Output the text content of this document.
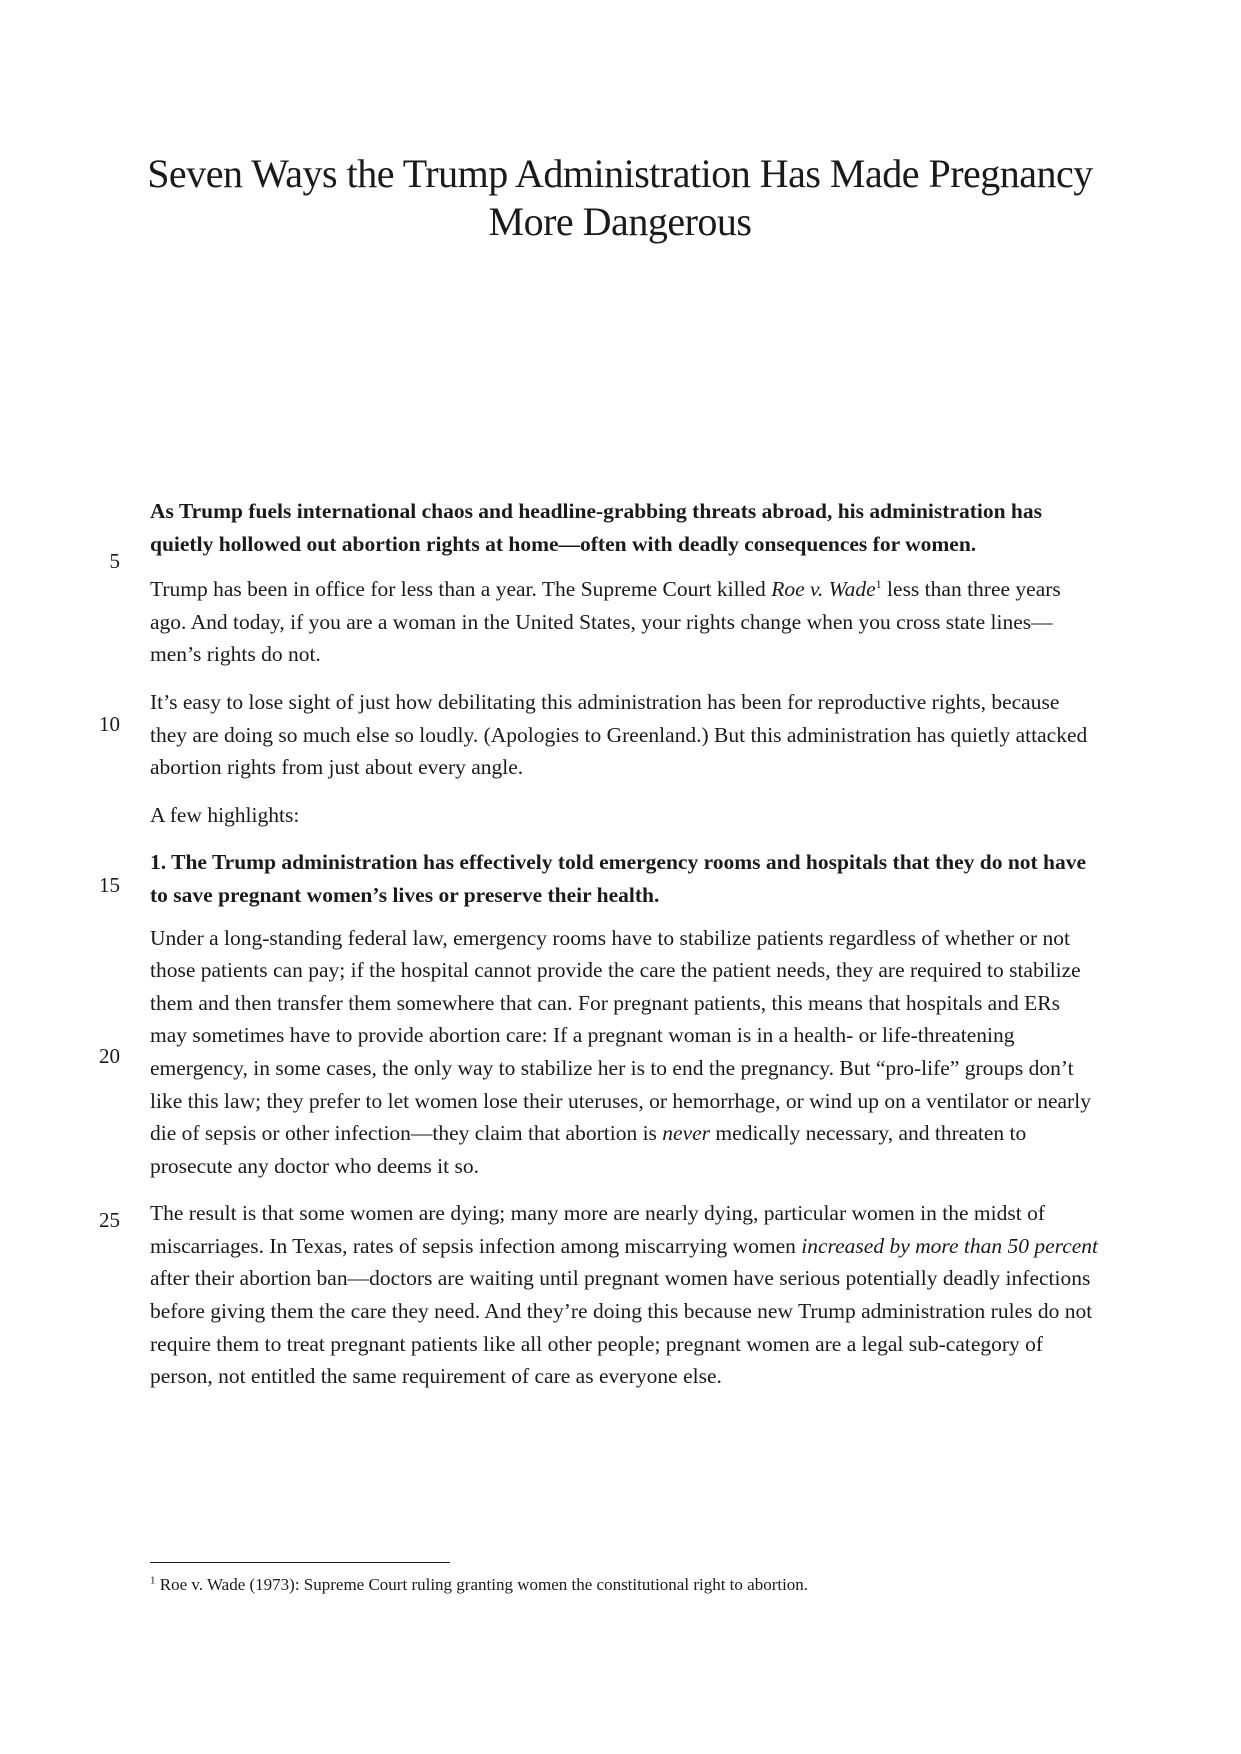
Seven Ways the Trump Administration Has Made Pregnancy
More Dangerous
5
10
15
20
25

As Trump fuels international chaos and headline-grabbing threats abroad, his administration has quietly hollowed out abortion rights at home—often with deadly consequences for women.

Trump has been in office for less than a year. The Supreme Court killed Roe v. Wade$^1$ less than three years ago. And today, if you are a woman in the United States, your rights change when you cross state lines—men’s rights do not.

It’s easy to lose sight of just how debilitating this administration has been for reproductive rights, because they are doing so much else so loudly. (Apologies to Greenland.) But this administration has quietly attacked abortion rights from just about every angle.

A few highlights:

1. The Trump administration has effectively told emergency rooms and hospitals that they do not have to save pregnant women’s lives or preserve their health.

Under a long-standing federal law, emergency rooms have to stabilize patients regardless of whether or not those patients can pay; if the hospital cannot provide the care the patient needs, they are required to stabilize them and then transfer them somewhere that can. For pregnant patients, this means that hospitals and ERs may sometimes have to provide abortion care: If a pregnant woman is in a health- or life-threatening emergency, in some cases, the only way to stabilize her is to end the pregnancy. But “pro-life” groups don’t like this law; they prefer to let women lose their uteruses, or hemorrhage, or wind up on a ventilator or nearly die of sepsis or other infection—they claim that abortion is never medically necessary, and threaten to prosecute any doctor who deems it so.

The result is that some women are dying; many more are nearly dying, particular women in the midst of miscarriages. In Texas, rates of sepsis infection among miscarrying women increased by more than 50 percent after their abortion ban—doctors are waiting until pregnant women have serious potentially deadly infections before giving them the care they need. And they’re doing this because new Trump administration rules do not require them to treat pregnant patients like all other people; pregnant women are a legal sub-category of person, not entitled the same requirement of care as everyone else.

$^1$ Roe v. Wade (1973): Supreme Court ruling granting women the constitutional right to abortion.
